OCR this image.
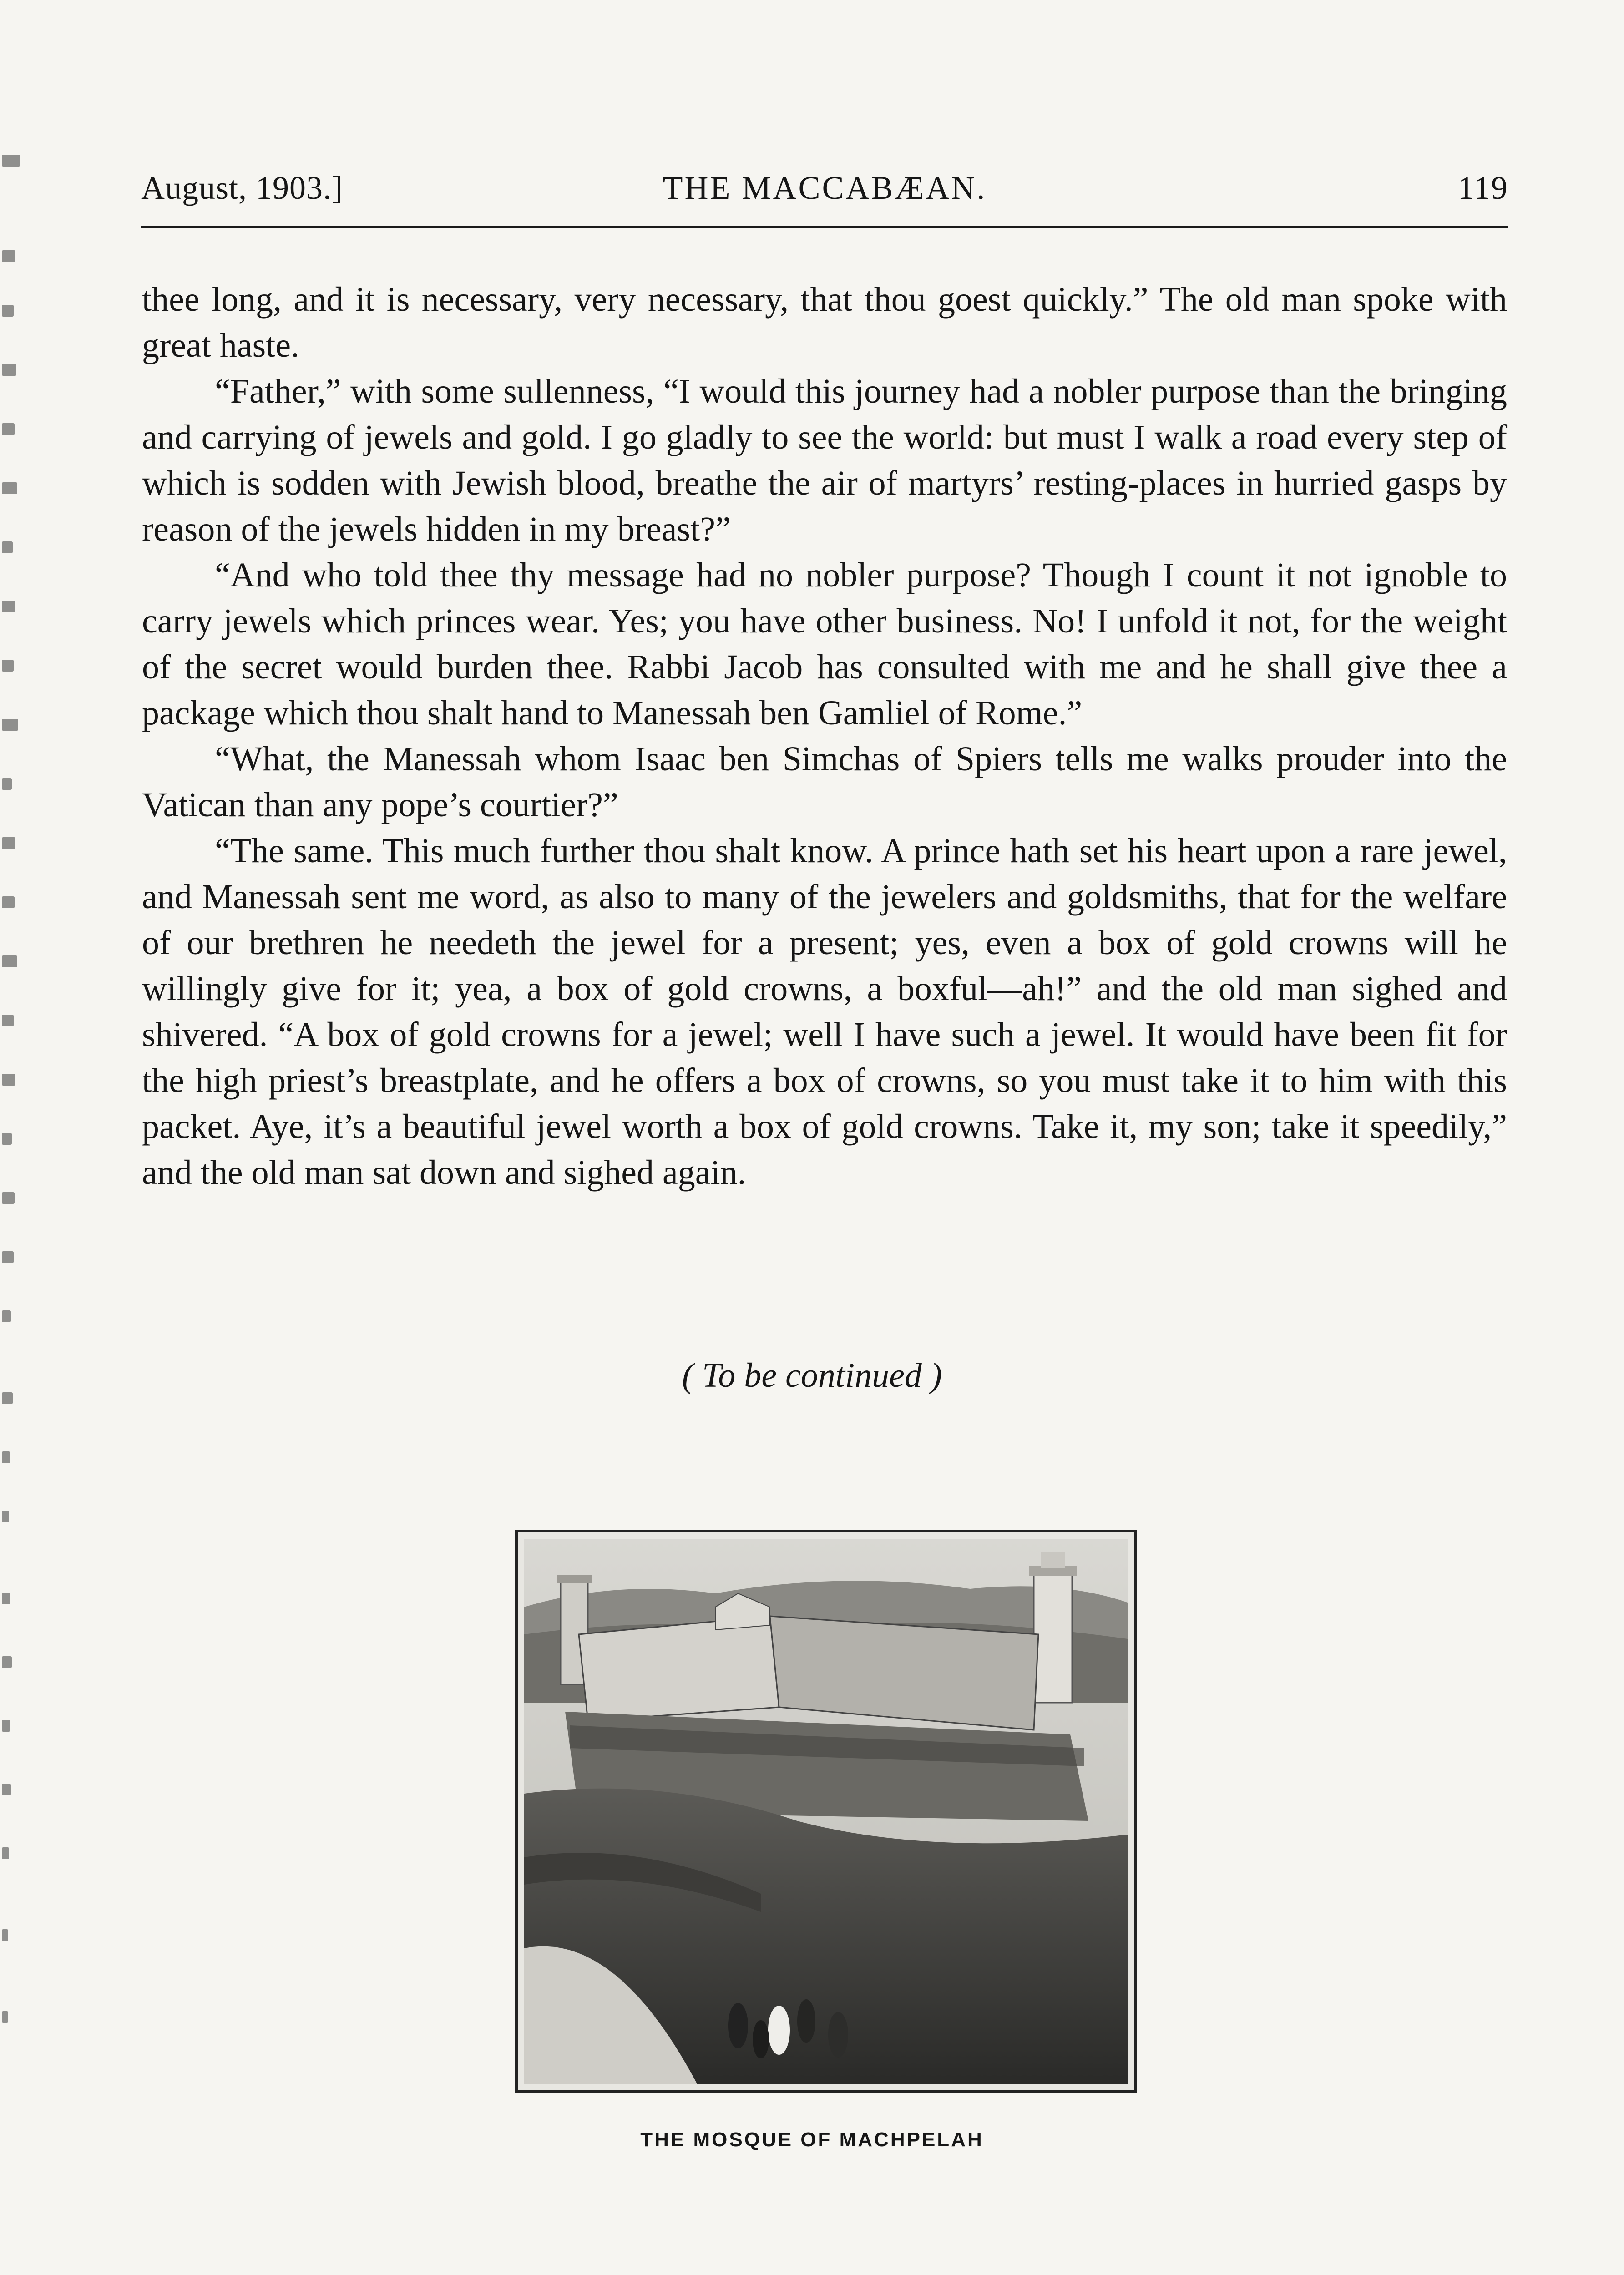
August, 1903.]	THE MACCABÆAN.	119

thee long, and it is necessary, very necessary, that thou goest quickly.” The old man spoke with great haste.

“Father,” with some sullenness, “I would this journey had a nobler purpose than the bringing and carrying of jewels and gold. I go gladly to see the world: but must I walk a road every step of which is sodden with Jewish blood, breathe the air of martyrs’ resting-places in hurried gasps by reason of the jewels hidden in my breast?”

“And who told thee thy message had no nobler purpose? Though I count it not ignoble to carry jewels which princes wear. Yes; you have other business. No! I unfold it not, for the weight of the secret would burden thee. Rabbi Jacob has consulted with me and he shall give thee a package which thou shalt hand to Manessah ben Gamliel of Rome.”

“What, the Manessah whom Isaac ben Simchas of Spiers tells me walks prouder into the Vatican than any pope’s courtier?”

“The same. This much further thou shalt know. A prince hath set his heart upon a rare jewel, and Manessah sent me word, as also to many of the jewelers and goldsmiths, that for the welfare of our brethren he needeth the jewel for a present; yes, even a box of gold crowns will he willingly give for it; yea, a box of gold crowns, a boxful—ah!” and the old man sighed and shivered. “A box of gold crowns for a jewel; well I have such a jewel. It would have been fit for the high priest’s breastplate, and he offers a box of crowns, so you must take it to him with this packet. Aye, it’s a beautiful jewel worth a box of gold crowns. Take it, my son; take it speedily,” and the old man sat down and sighed again.

( To be continued )
THE MOSQUE OF MACHPELAH
